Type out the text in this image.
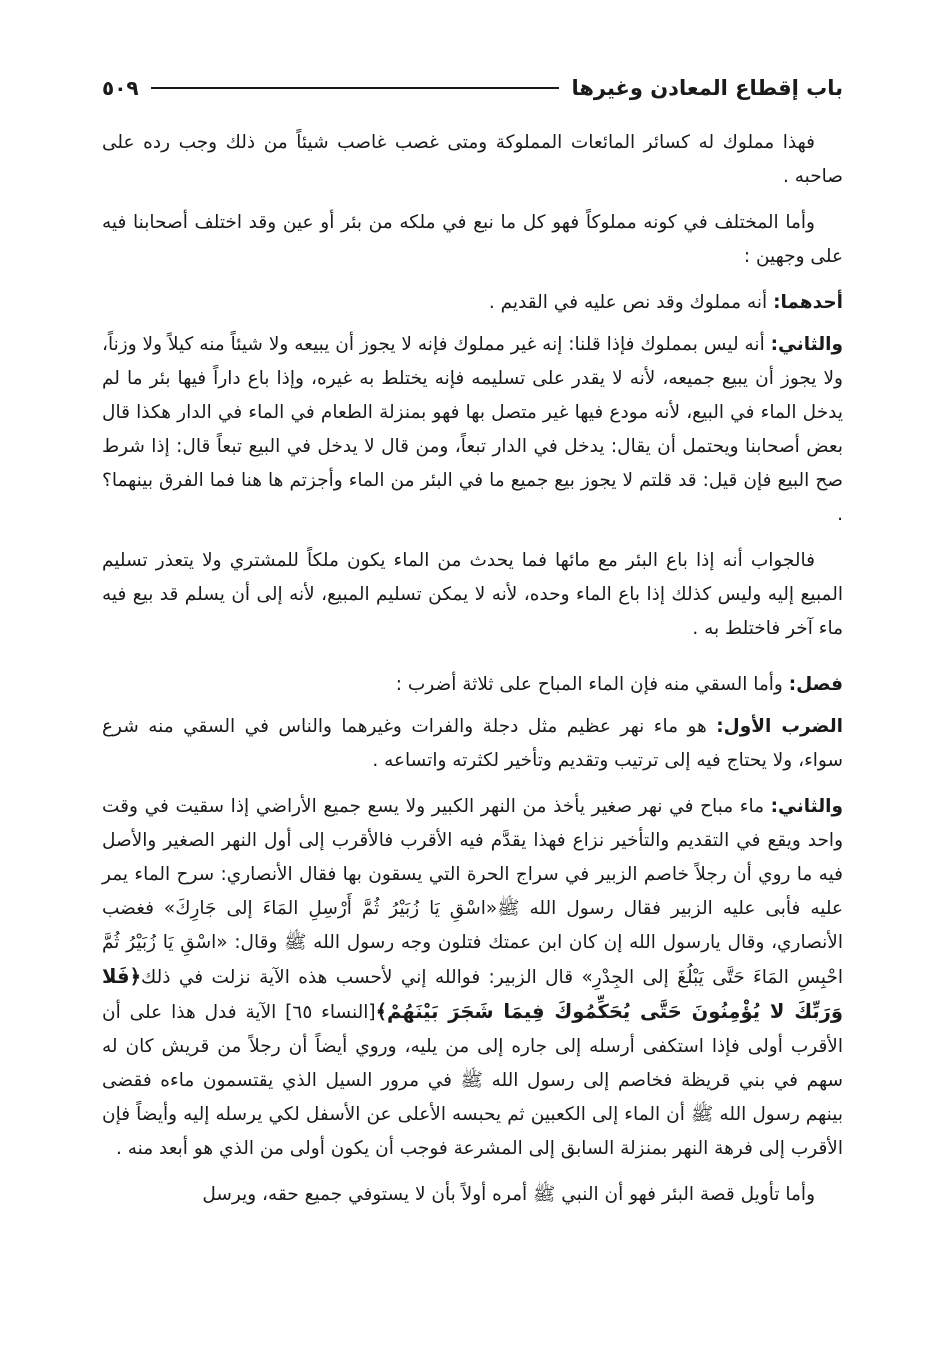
باب إقطاع المعادن وغيرها
٥٠٩

فهذا مملوك له كسائر المائعات المملوكة ومتى غصب غاصب شيئاً من ذلك وجب رده على صاحبه .

وأما المختلف في كونه مملوكاً فهو كل ما نبع في ملكه من بئر أو عين وقد اختلف أصحابنا فيه على وجهين :

أحدهما: أنه مملوك وقد نص عليه في القديم .

والثاني: أنه ليس بمملوك فإذا قلنا: إنه غير مملوك فإنه لا يجوز أن يبيعه ولا شيئاً منه كيلاً ولا وزناً، ولا يجوز أن يبيع جميعه، لأنه لا يقدر على تسليمه فإنه يختلط به غيره، وإذا باع داراً فيها بئر ما لم يدخل الماء في البيع، لأنه مودع فيها غير متصل بها فهو بمنزلة الطعام في الماء في الدار هكذا قال بعض أصحابنا ويحتمل أن يقال: يدخل في الدار تبعاً، ومن قال لا يدخل في البيع تبعاً قال: إذا شرط صح البيع فإن قيل: قد قلتم لا يجوز بيع جميع ما في البئر من الماء وأجزتم ها هنا فما الفرق بينهما؟ .

فالجواب أنه إذا باع البئر مع مائها فما يحدث من الماء يكون ملكاً للمشتري ولا يتعذر تسليم المبيع إليه وليس كذلك إذا باع الماء وحده، لأنه لا يمكن تسليم المبيع، لأنه إلى أن يسلم قد بيع فيه ماء آخر فاختلط به .

فصل: وأما السقي منه فإن الماء المباح على ثلاثة أضرب :

الضرب الأول: هو ماء نهر عظيم مثل دجلة والفرات وغيرهما والناس في السقي منه شرع سواء، ولا يحتاج فيه إلى ترتيب وتقديم وتأخير لكثرته واتساعه .

والثاني: ماء مباح في نهر صغير يأخذ من النهر الكبير ولا يسع جميع الأراضي إذا سقيت في وقت واحد ويقع في التقديم والتأخير نزاع فهذا يقدَّم فيه الأقرب فالأقرب إلى أول النهر الصغير والأصل فيه ما روي أن رجلاً خاصم الزبير في سراج الحرة التي يسقون بها فقال الأنصاري: سرح الماء يمر عليه فأبى عليه الزبير فقال رسول الله ﷺ«اسْقِ يَا زُبَيْرُ ثُمَّ أَرْسِلِ المَاءَ إلى جَارِكَ» فغضب الأنصاري، وقال يارسول الله إن كان ابن عمتك فتلون وجه رسول الله ﷺ وقال: «اسْقِ يَا زُبَيْرُ ثُمَّ احْبِسِ المَاءَ حَتَّى يَبْلُغَ إلى الجِدْرِ» قال الزبير: فوالله إني لأحسب هذه الآية نزلت في ذلك﴿فَلا وَرَبِّكَ لا يُؤْمِنُونَ حَتَّى يُحَكِّمُوكَ فِيمَا شَجَرَ بَيْنَهُمْ﴾[النساء ٦٥] الآية فدل هذا على أن الأقرب أولى فإذا استكفى أرسله إلى جاره إلى من يليه، وروي أيضاً أن رجلاً من قريش كان له سهم في بني قريظة فخاصم إلى رسول الله ﷺ في مرور السيل الذي يقتسمون ماءه فقضى بينهم رسول الله ﷺ أن الماء إلى الكعبين ثم يحبسه الأعلى عن الأسفل لكي يرسله إليه وأيضاً فإن الأقرب إلى فرهة النهر بمنزلة السابق إلى المشرعة فوجب أن يكون أولى من الذي هو أبعد منه .

وأما تأويل قصة البئر فهو أن النبي ﷺ أمره أولاً بأن لا يستوفي جميع حقه، ويرسل
